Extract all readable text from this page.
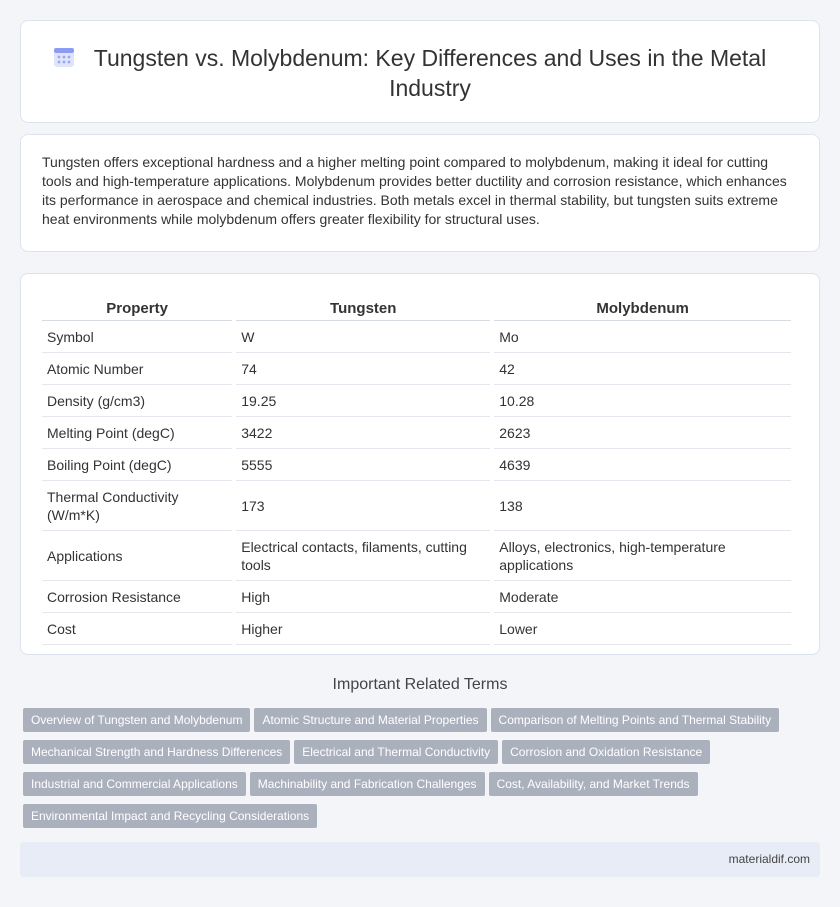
Tungsten vs. Molybdenum: Key Differences and Uses in the Metal Industry

Tungsten offers exceptional hardness and a higher melting point compared to molybdenum, making it ideal for cutting tools and high-temperature applications. Molybdenum provides better ductility and corrosion resistance, which enhances its performance in aerospace and chemical industries. Both metals excel in thermal stability, but tungsten suits extreme heat environments while molybdenum offers greater flexibility for structural uses.

Property	Tungsten	Molybdenum
Symbol	W	Mo
Atomic Number	74	42
Density (g/cm3)	19.25	10.28
Melting Point (degC)	3422	2623
Boiling Point (degC)	5555	4639
Thermal Conductivity (W/m*K)	173	138
Applications	Electrical contacts, filaments, cutting tools	Alloys, electronics, high-temperature applications
Corrosion Resistance	High	Moderate
Cost	Higher	Lower
Important Related Terms
Overview of Tungsten and Molybdenum Atomic Structure and Material Properties Comparison of Melting Points and Thermal StabilityMechanical Strength and Hardness Differences Electrical and Thermal Conductivity Corrosion and Oxidation ResistanceIndustrial and Commercial Applications Machinability and Fabrication Challenges Cost, Availability, and Market TrendsEnvironmental Impact and Recycling Considerations
materialdif.com
